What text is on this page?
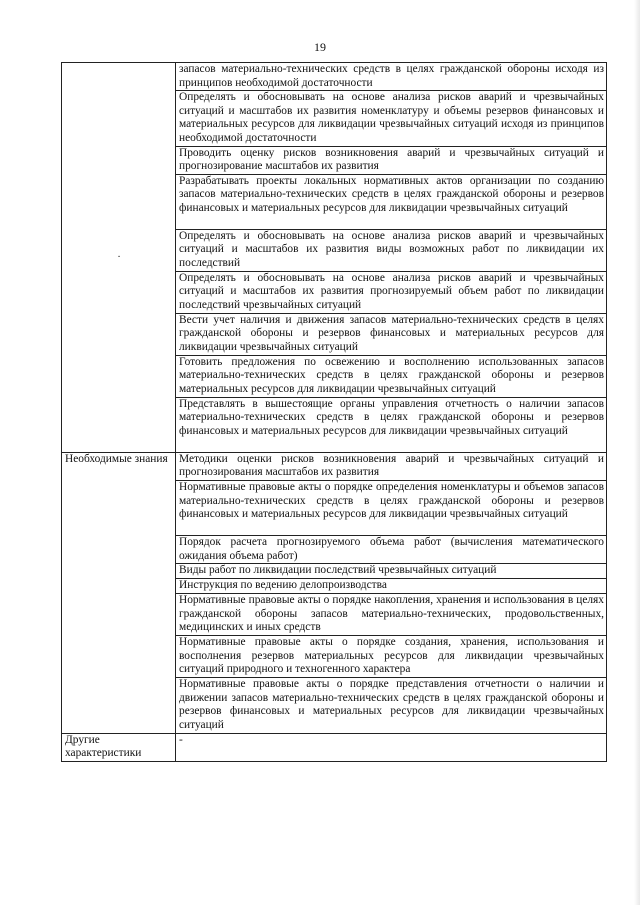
19
·	запасов материально-технических средств в целях гражданской обороны исходя из принципов необходимой достаточности
	Определять и обосновывать на основе анализа рисков аварий и чрезвычайных ситуаций и масштабов их развития номенклатуру и объемы резервов финансовых и материальных ресурсов для ликвидации чрезвычайных ситуаций исходя из принципов необходимой достаточности
	Проводить оценку рисков возникновения аварий и чрезвычайных ситуаций и прогнозирование масштабов их развития
	Разрабатывать проекты локальных нормативных актов организации по созданию запасов материально-технических средств в целях гражданской обороны и резервов финансовых и материальных ресурсов для ликвидации чрезвычайных ситуаций
	Определять и обосновывать на основе анализа рисков аварий и чрезвычайных ситуаций и масштабов их развития виды возможных работ по ликвидации их последствий
	Определять и обосновывать на основе анализа рисков аварий и чрезвычайных ситуаций и масштабов их развития прогнозируемый объем работ по ликвидации последствий чрезвычайных ситуаций
	Вести учет наличия и движения запасов материально-технических средств в целях гражданской обороны и резервов финансовых и материальных ресурсов для ликвидации чрезвычайных ситуаций
	Готовить предложения по освежению и восполнению использованных запасов материально-технических средств в целях гражданской обороны и резервов материальных ресурсов для ликвидации чрезвычайных ситуаций
	Представлять в вышестоящие органы управления отчетность о наличии запасов материально-технических средств в целях гражданской обороны и резервов финансовых и материальных ресурсов для ликвидации чрезвычайных ситуаций
Необходимые знания	Методики оценки рисков возникновения аварий и чрезвычайных ситуаций и прогнозирования масштабов их развития
	Нормативные правовые акты о порядке определения номенклатуры и объемов запасов материально-технических средств в целях гражданской обороны и резервов финансовых и материальных ресурсов для ликвидации чрезвычайных ситуаций
	Порядок расчета прогнозируемого объема работ (вычисления математического ожидания объема работ)
	Виды работ по ликвидации последствий чрезвычайных ситуаций
	Инструкция по ведению делопроизводства
	Нормативные правовые акты о порядке накопления, хранения и использования в целях гражданской обороны запасов материально-технических, продовольственных, медицинских и иных средств
	Нормативные правовые акты о порядке создания, хранения, использования и восполнения резервов материальных ресурсов для ликвидации чрезвычайных ситуаций природного и техногенного характера
	Нормативные правовые акты о порядке представления отчетности о наличии и движении запасов материально-технических средств в целях гражданской обороны и резервов финансовых и материальных ресурсов для ликвидации чрезвычайных ситуаций
Другие характеристики	-
